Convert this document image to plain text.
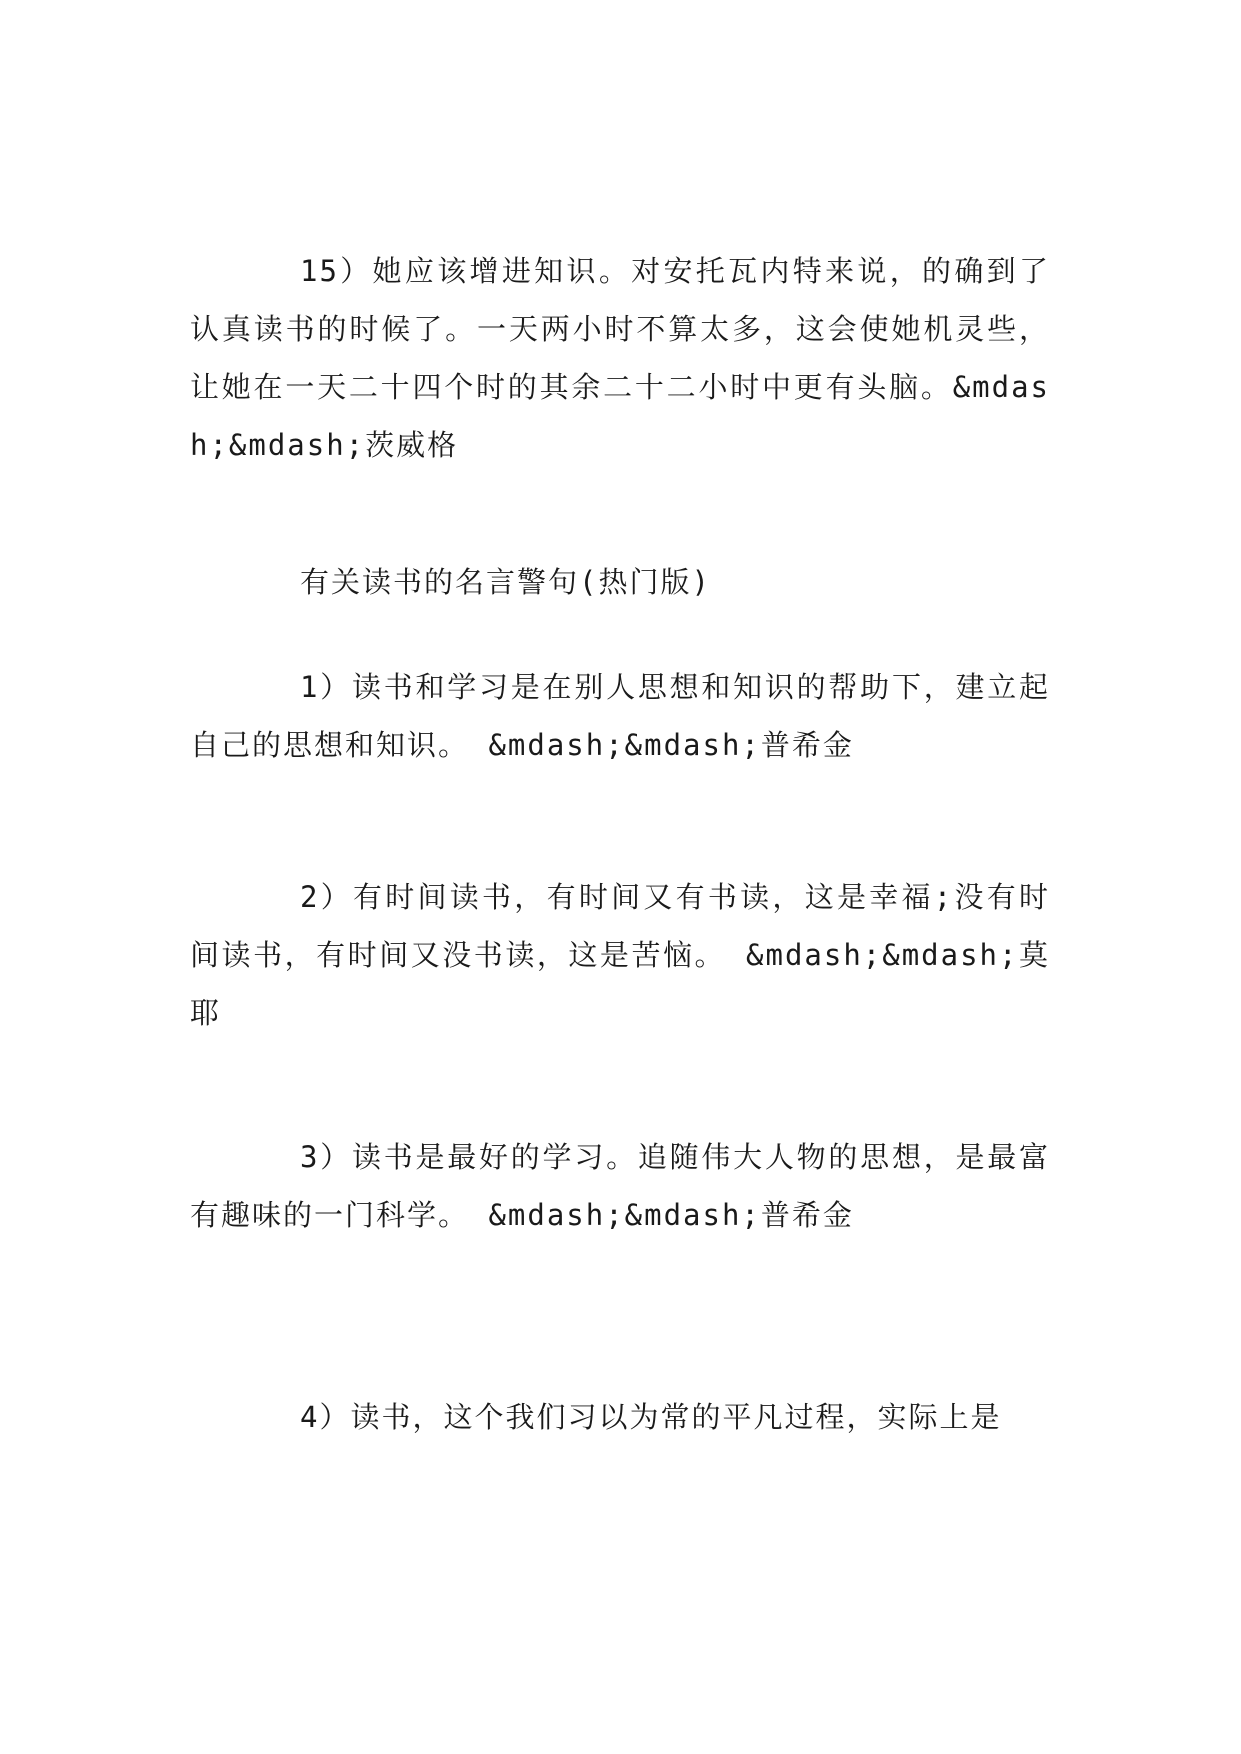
15）她应该增进知识。对安托瓦内特来说，的确到了认真读书的时候了。一天两小时不算太多，这会使她机灵些，让她在一天二十四个时的其余二十二小时中更有头脑。&mdash;&mdash;茨威格

有关读书的名言警句(热门版)

1）读书和学习是在别人思想和知识的帮助下，建立起自己的思想和知识。 &mdash;&mdash;普希金

2）有时间读书，有时间又有书读，这是幸福;没有时间读书，有时间又没书读，这是苦恼。 &mdash;&mdash;莫耶

3）读书是最好的学习。追随伟大人物的思想，是最富有趣味的一门科学。 &mdash;&mdash;普希金

4）读书，这个我们习以为常的平凡过程，实际上是
